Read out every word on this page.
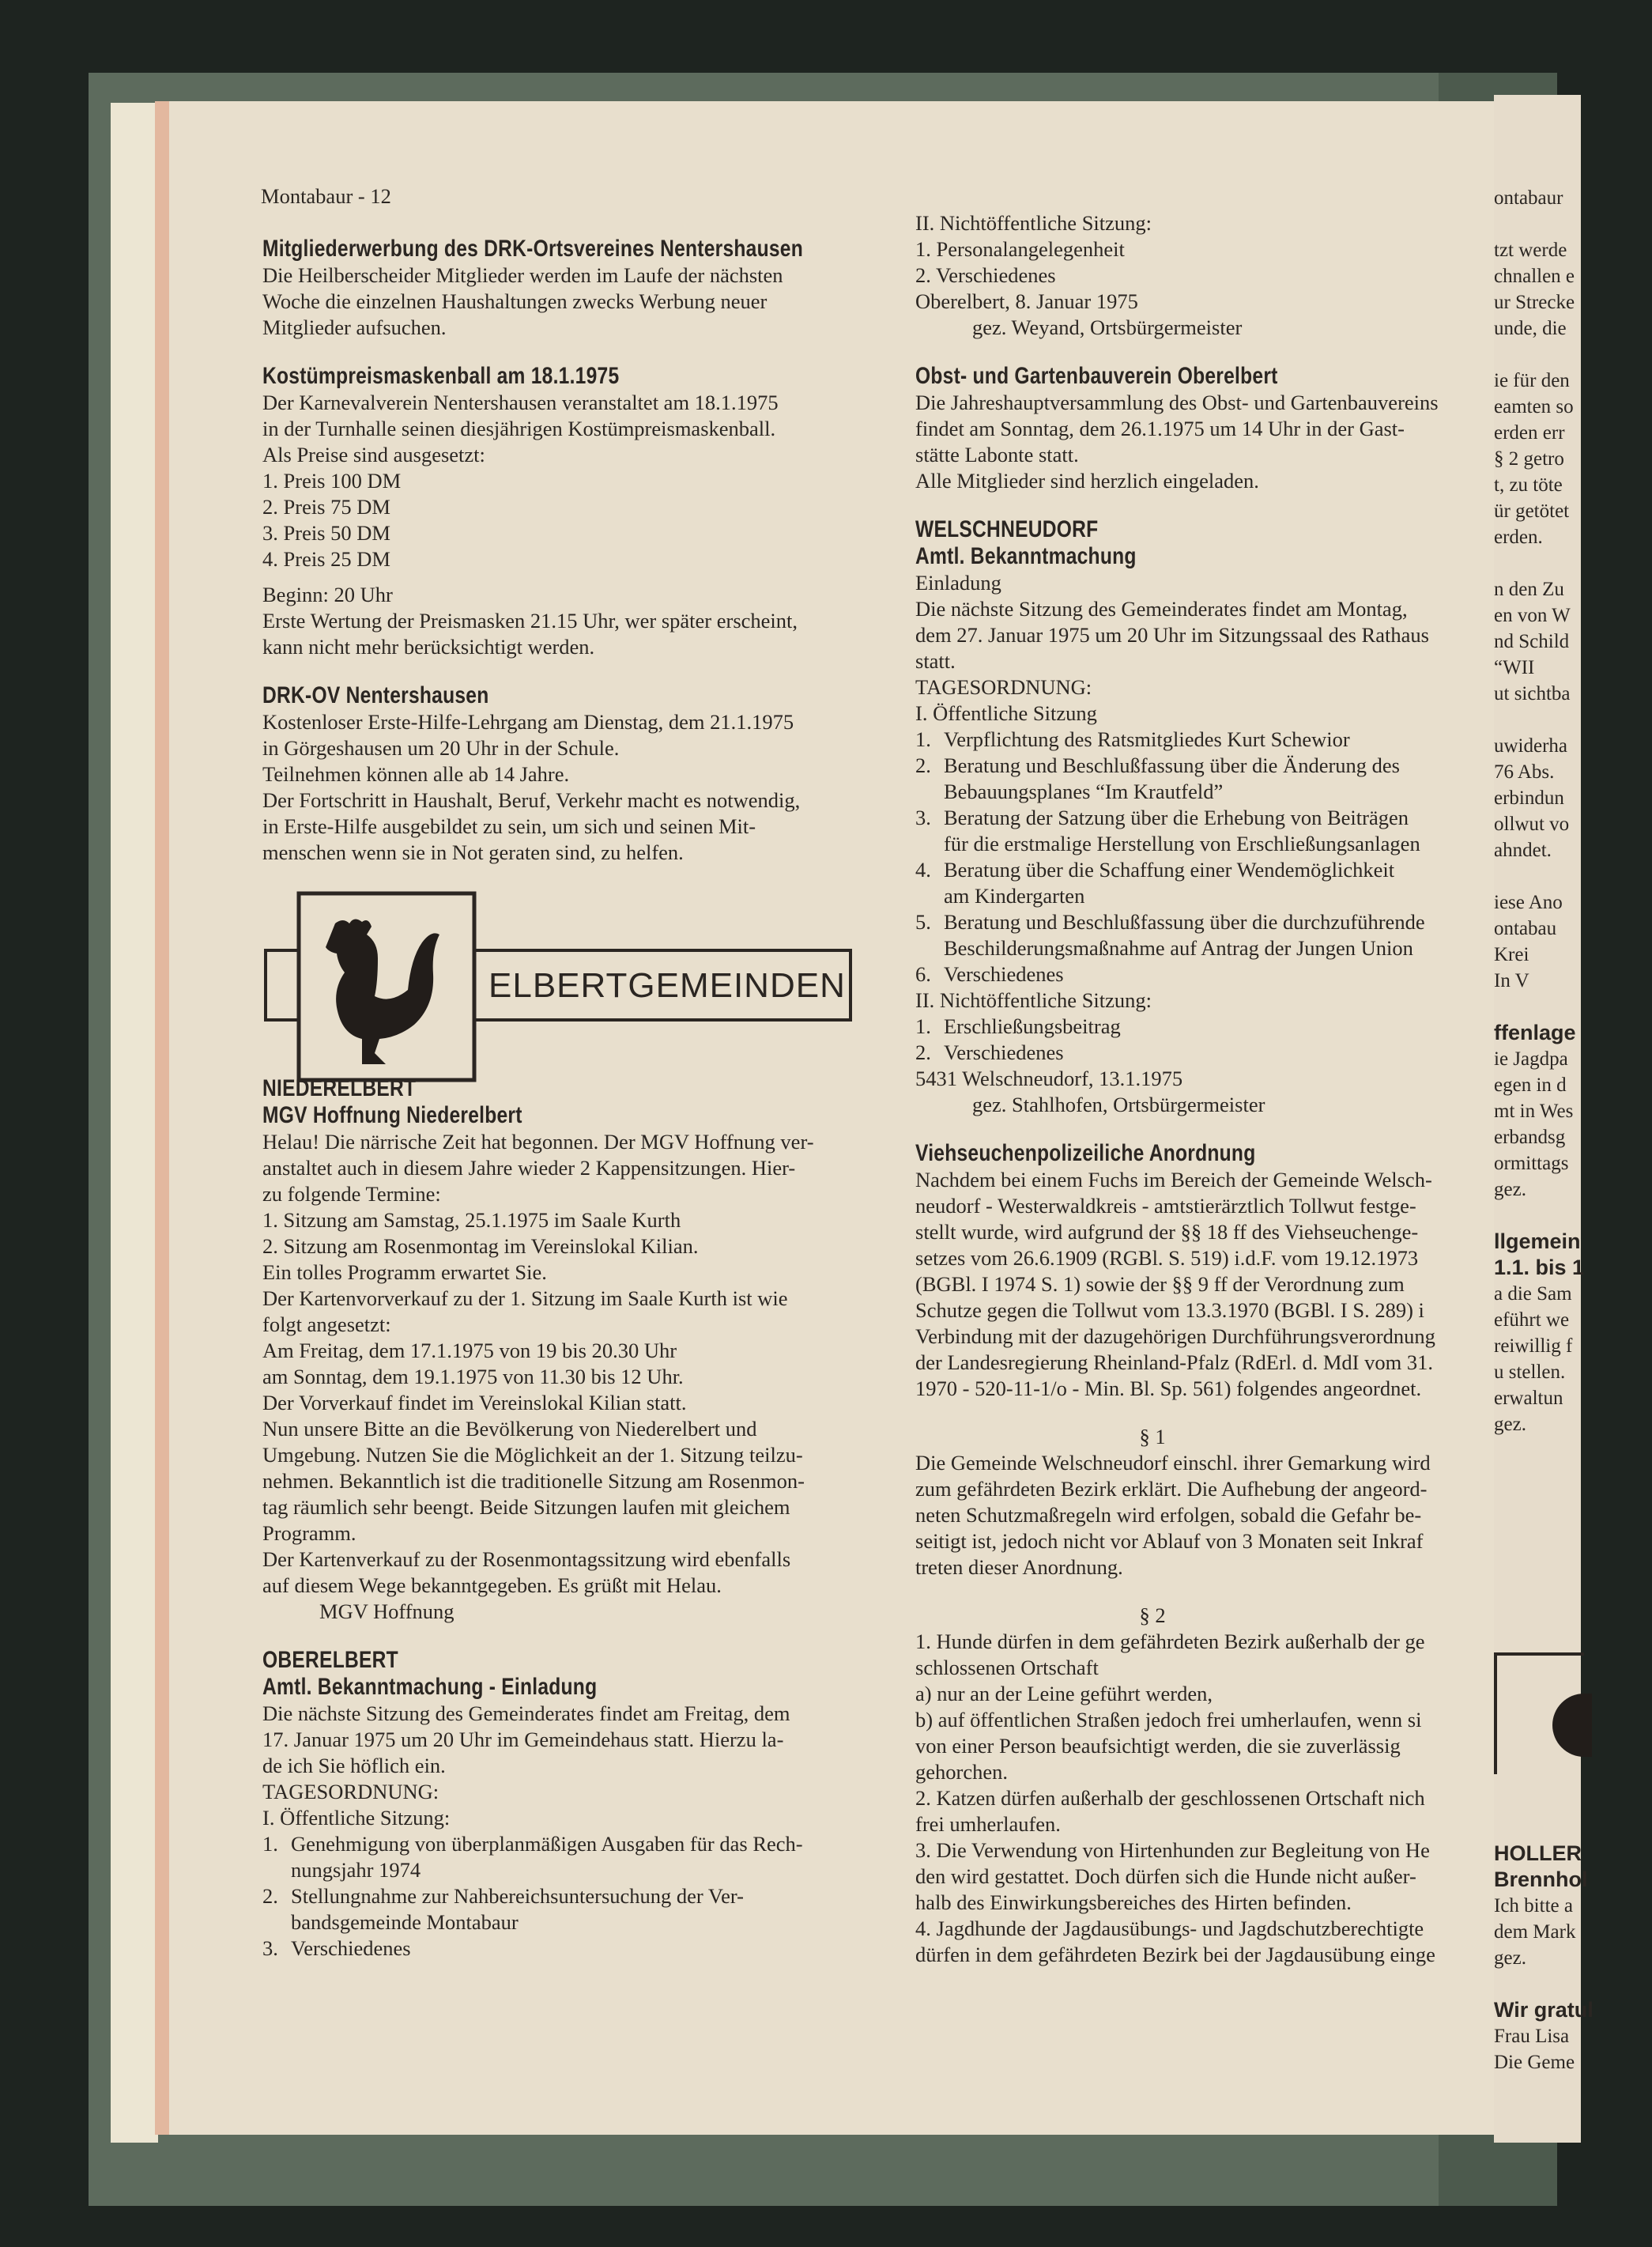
Montabaur - 12
Mitgliederwerbung des DRK-Ortsvereines Nentershausen
Die Heilberscheider Mitglieder werden im Laufe der nächsten
Woche die einzelnen Haushaltungen zwecks Werbung neuer
Mitglieder aufsuchen.
Kostümpreismaskenball am 18.1.1975
Der Karnevalverein Nentershausen veranstaltet am 18.1.1975
in der Turnhalle seinen diesjährigen Kostümpreismaskenball.
Als Preise sind ausgesetzt:
1. Preis 100 DM
2. Preis 75 DM
3. Preis 50 DM
4. Preis 25 DM
Beginn: 20 Uhr
Erste Wertung der Preismasken 21.15 Uhr, wer später erscheint,
kann nicht mehr berücksichtigt werden.
DRK-OV Nentershausen
Kostenloser Erste-Hilfe-Lehrgang am Dienstag, dem 21.1.1975
in Görgeshausen um 20 Uhr in der Schule.
Teilnehmen können alle ab 14 Jahre.
Der Fortschritt in Haushalt, Beruf, Verkehr macht es notwendig,
in Erste-Hilfe ausgebildet zu sein, um sich und seinen Mit-
menschen wenn sie in Not geraten sind, zu helfen.
ELBERTGEMEINDEN
NIEDERELBERT
MGV Hoffnung Niederelbert
Helau! Die närrische Zeit hat begonnen. Der MGV Hoffnung ver-
anstaltet auch in diesem Jahre wieder 2 Kappensitzungen. Hier-
zu folgende Termine:
1. Sitzung am Samstag, 25.1.1975 im Saale Kurth
2. Sitzung am Rosenmontag im Vereinslokal Kilian.
Ein tolles Programm erwartet Sie.
Der Kartenvorverkauf zu der 1. Sitzung im Saale Kurth ist wie
folgt angesetzt:
Am Freitag, dem 17.1.1975 von 19 bis 20.30 Uhr
am Sonntag, dem 19.1.1975 von 11.30 bis 12 Uhr.
Der Vorverkauf findet im Vereinslokal Kilian statt.
Nun unsere Bitte an die Bevölkerung von Niederelbert und
Umgebung. Nutzen Sie die Möglichkeit an der 1. Sitzung teilzu-
nehmen. Bekanntlich ist die traditionelle Sitzung am Rosenmon-
tag räumlich sehr beengt. Beide Sitzungen laufen mit gleichem
Programm.
Der Kartenverkauf zu der Rosenmontagssitzung wird ebenfalls
auf diesem Wege bekanntgegeben. Es grüßt mit Helau.
MGV Hoffnung
OBERELBERT
Amtl. Bekanntmachung - Einladung
Die nächste Sitzung des Gemeinderates findet am Freitag, dem
17. Januar 1975 um 20 Uhr im Gemeindehaus statt. Hierzu la-
de ich Sie höflich ein.
TAGESORDNUNG:
I. Öffentliche Sitzung:
1. Genehmigung von überplanmäßigen Ausgaben für das Rech-
nungsjahr 1974
2. Stellungnahme zur Nahbereichsuntersuchung der Ver-
bandsgemeinde Montabaur
3. Verschiedenes
II. Nichtöffentliche Sitzung:
1. Personalangelegenheit
2. Verschiedenes
Oberelbert, 8. Januar 1975
gez. Weyand, Ortsbürgermeister
Obst- und Gartenbauverein Oberelbert
Die Jahreshauptversammlung des Obst- und Gartenbauvereins
findet am Sonntag, dem 26.1.1975 um 14 Uhr in der Gast-
stätte Labonte statt.
Alle Mitglieder sind herzlich eingeladen.
WELSCHNEUDORF
Amtl. Bekanntmachung
Einladung
Die nächste Sitzung des Gemeinderates findet am Montag,
dem 27. Januar 1975 um 20 Uhr im Sitzungssaal des Rathaus
statt.
TAGESORDNUNG:
I. Öffentliche Sitzung
1. Verpflichtung des Ratsmitgliedes Kurt Schewior
2. Beratung und Beschlußfassung über die Änderung des
Bebauungsplanes “Im Krautfeld”
3. Beratung der Satzung über die Erhebung von Beiträgen
für die erstmalige Herstellung von Erschließungsanlagen
4. Beratung über die Schaffung einer Wendemöglichkeit
am Kindergarten
5. Beratung und Beschlußfassung über die durchzuführende
Beschilderungsmaßnahme auf Antrag der Jungen Union
6. Verschiedenes
II. Nichtöffentliche Sitzung:
1. Erschließungsbeitrag
2. Verschiedenes
5431 Welschneudorf, 13.1.1975
gez. Stahlhofen, Ortsbürgermeister
Viehseuchenpolizeiliche Anordnung
Nachdem bei einem Fuchs im Bereich der Gemeinde Welsch-
neudorf - Westerwaldkreis - amtstierärztlich Tollwut festge-
stellt wurde, wird aufgrund der §§ 18 ff des Viehseuchenge-
setzes vom 26.6.1909 (RGBl. S. 519) i.d.F. vom 19.12.1973
(BGBl. I 1974 S. 1) sowie der §§ 9 ff der Verordnung zum
Schutze gegen die Tollwut vom 13.3.1970 (BGBl. I S. 289) i
Verbindung mit der dazugehörigen Durchführungsverordnung
der Landesregierung Rheinland-Pfalz (RdErl. d. MdI vom 31.
1970 - 520-11-1/o - Min. Bl. Sp. 561) folgendes angeordnet.
§ 1
Die Gemeinde Welschneudorf einschl. ihrer Gemarkung wird
zum gefährdeten Bezirk erklärt. Die Aufhebung der angeord-
neten Schutzmaßregeln wird erfolgen, sobald die Gefahr be-
seitigt ist, jedoch nicht vor Ablauf von 3 Monaten seit Inkraf
treten dieser Anordnung.
§ 2
1. Hunde dürfen in dem gefährdeten Bezirk außerhalb der ge
schlossenen Ortschaft
a) nur an der Leine geführt werden,
b) auf öffentlichen Straßen jedoch frei umherlaufen, wenn si
von einer Person beaufsichtigt werden, die sie zuverlässig
gehorchen.
2. Katzen dürfen außerhalb der geschlossenen Ortschaft nich
frei umherlaufen.
3. Die Verwendung von Hirtenhunden zur Begleitung von He
den wird gestattet. Doch dürfen sich die Hunde nicht außer-
halb des Einwirkungsbereiches des Hirten befinden.
4. Jagdhunde der Jagdausübungs- und Jagdschutzberechtigte
dürfen in dem gefährdeten Bezirk bei der Jagdausübung einge
ontabaur

tzt werde
chnallen e
ur Strecke
unde, die

ie für den
eamten so
erden err
§ 2 getro
t, zu töte
ür getötet
erden.

n den Zu
en von W
nd Schild
“WII
ut sichtba

uwiderha
76 Abs.
erbindun
ollwut vo
ahndet.

iese Ano
ontabau
Krei
In V

ffenlage
ie Jagdpa
egen in d
mt in Wes
erbandsg
ormittags
gez.

llgemein
1.1. bis 1
a die Sam
eführt we
reiwillig f
u stellen.
erwaltun
gez.
HOLLER
Brennhol
Ich bitte a
dem Mark
gez.

Wir gratul
Frau Lisa
Die Geme
